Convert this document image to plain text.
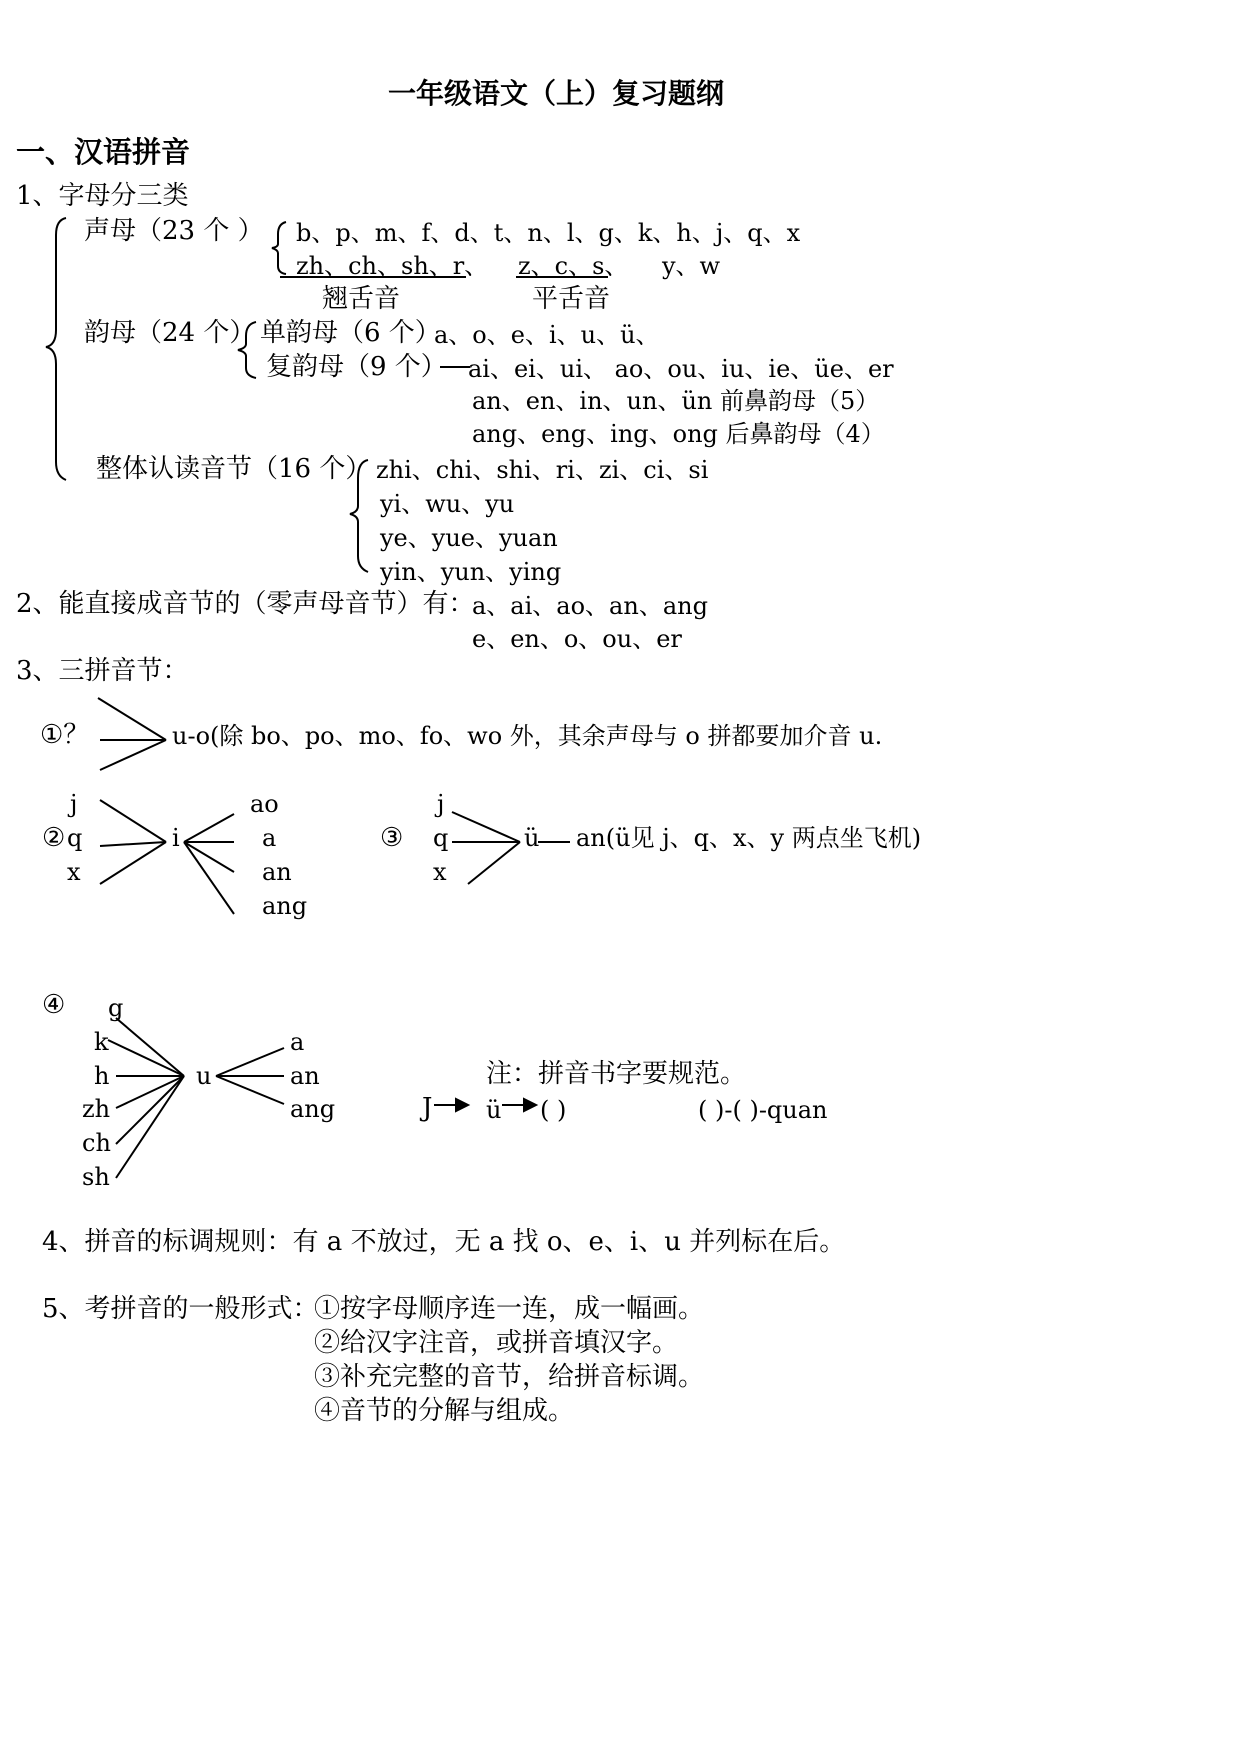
一年级语文（上）复习题纲
一、汉语拼音
1、字母分三类
声母（23 个 ） b、p、m、f、d、t、n、l、g、k、h、j、q、x
zh、ch、sh、r、 z、c、s、 y、w
翘舌音	平舌音
韵母（24 个） 单韵母（6 个）
a、o、e、i、u、ü、
复韵母（9 个） ai、ei、ui、 ao、ou、iu、ie、üe、er
an、en、in、un、ün 前鼻韵母（5）
ang、eng、ing、ong 后鼻韵母（4）
整体认读音节（16 个） zhi、chi、shi、ri、zi、ci、si
yi、wu、yu
ye、yue、yuan
yin、yun、ying
2、能直接成音节的（零声母音节）有：
a、ai、ao、an、ang
e、en、o、ou、er
3、三拼音节：
①？	u-o(除 bo、po、mo、fo、wo 外，其余声母与 o 拼都要加介音 u.
②
j
q
x
i
ao
a
an
ang
③
j
q
x
ü an(ü见 j、q、x、y 两点坐飞机)
④ g
k
h
zh
ch
sh
u
a
an
ang
注：拼音书字要规范。
J ü ( )	( )-( )-quan
4、拼音的标调规则：有 a 不放过，无 a 找 o、e、i、u 并列标在后。
5、考拼音的一般形式：
①按字母顺序连一连，成一幅画。
②给汉字注音，或拼音填汉字。
③补充完整的音节，给拼音标调。
④音节的分解与组成。
